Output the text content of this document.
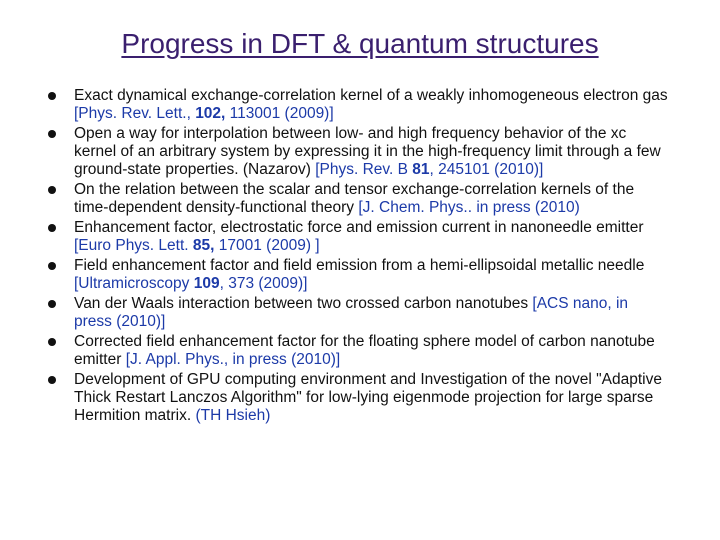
Progress in DFT & quantum structures
Exact dynamical exchange-correlation kernel of a weakly inhomogeneous electron gas [Phys. Rev. Lett., 102, 113001 (2009)]
Open a way for interpolation between low- and high frequency behavior of the xc kernel of an arbitrary system by expressing it in the high-frequency limit through a few ground-state properties. (Nazarov) [Phys. Rev. B 81, 245101 (2010)]
On the relation between the scalar and tensor exchange-correlation kernels of the time-dependent density-functional theory [J. Chem. Phys.. in press (2010)
Enhancement factor, electrostatic force and emission current in nanoneedle emitter [Euro Phys. Lett. 85, 17001 (2009) ]
Field enhancement factor and field emission from a hemi-ellipsoidal metallic needle [Ultramicroscopy 109, 373 (2009)]
Van der Waals interaction between two crossed carbon nanotubes [ACS nano, in press (2010)]
Corrected field enhancement factor for the floating sphere model of carbon nanotube emitter [J. Appl. Phys., in press (2010)]
Development of GPU computing environment and Investigation of the novel "Adaptive Thick Restart Lanczos Algorithm" for low-lying eigenmode projection for large sparse Hermition matrix. (TH Hsieh)
